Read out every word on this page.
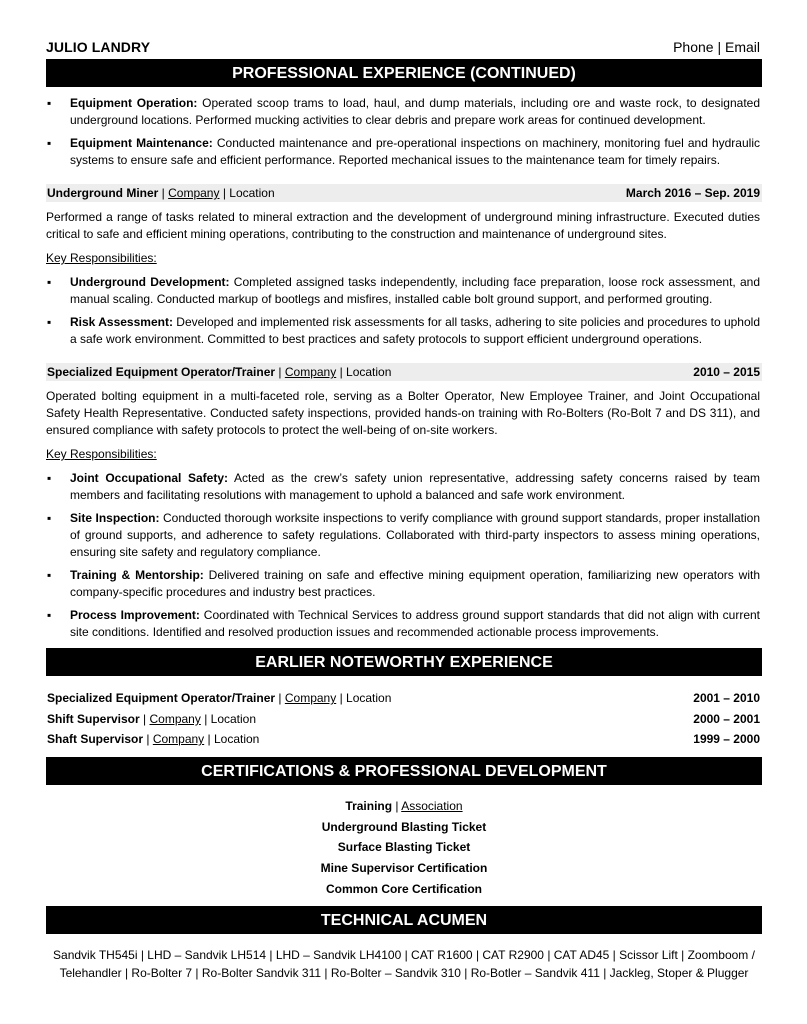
JULIO LANDRY	Phone | Email
PROFESSIONAL EXPERIENCE (CONTINUED)
▪ Equipment Operation: Operated scoop trams to load, haul, and dump materials, including ore and waste rock, to designated underground locations. Performed mucking activities to clear debris and prepare work areas for continued development.
▪ Equipment Maintenance: Conducted maintenance and pre-operational inspections on machinery, monitoring fuel and hydraulic systems to ensure safe and efficient performance. Reported mechanical issues to the maintenance team for timely repairs.
Underground Miner | Company | Location	March 2016 – Sep. 2019

Performed a range of tasks related to mineral extraction and the development of underground mining infrastructure. Executed duties critical to safe and efficient mining operations, contributing to the construction and maintenance of underground sites.

Key Responsibilities:
▪ Underground Development: Completed assigned tasks independently, including face preparation, loose rock assessment, and manual scaling. Conducted markup of bootlegs and misfires, installed cable bolt ground support, and performed grouting.
▪ Risk Assessment: Developed and implemented risk assessments for all tasks, adhering to site policies and procedures to uphold a safe work environment. Committed to best practices and safety protocols to support efficient underground operations.
Specialized Equipment Operator/Trainer | Company | Location	2010 – 2015

Operated bolting equipment in a multi-faceted role, serving as a Bolter Operator, New Employee Trainer, and Joint Occupational Safety Health Representative. Conducted safety inspections, provided hands-on training with Ro-Bolters (Ro-Bolt 7 and DS 311), and ensured compliance with safety protocols to protect the well-being of on-site workers.

Key Responsibilities:
▪ Joint Occupational Safety: Acted as the crew’s safety union representative, addressing safety concerns raised by team members and facilitating resolutions with management to uphold a balanced and safe work environment.
▪ Site Inspection: Conducted thorough worksite inspections to verify compliance with ground support standards, proper installation of ground supports, and adherence to safety regulations. Collaborated with third-party inspectors to assess mining operations, ensuring site safety and regulatory compliance.
▪ Training & Mentorship: Delivered training on safe and effective mining equipment operation, familiarizing new operators with company-specific procedures and industry best practices.
▪ Process Improvement: Coordinated with Technical Services to address ground support standards that did not align with current site conditions. Identified and resolved production issues and recommended actionable process improvements.
EARLIER NOTEWORTHY EXPERIENCE
Specialized Equipment Operator/Trainer | Company | Location	2001 – 2010
Shift Supervisor | Company | Location	2000 – 2001
Shaft Supervisor | Company | Location	1999 – 2000
CERTIFICATIONS & PROFESSIONAL DEVELOPMENT
Training | Association
Underground Blasting Ticket
Surface Blasting Ticket
Mine Supervisor Certification
Common Core Certification
TECHNICAL ACUMEN

Sandvik TH545i | LHD – Sandvik LH514 | LHD – Sandvik LH4100 | CAT R1600 | CAT R2900 | CAT AD45 | Scissor Lift | Zoomboom / Telehandler | Ro-Bolter 7 | Ro-Bolter Sandvik 311 | Ro-Bolter – Sandvik 310 | Ro-Botler – Sandvik 411 | Jackleg, Stoper & Plugger
